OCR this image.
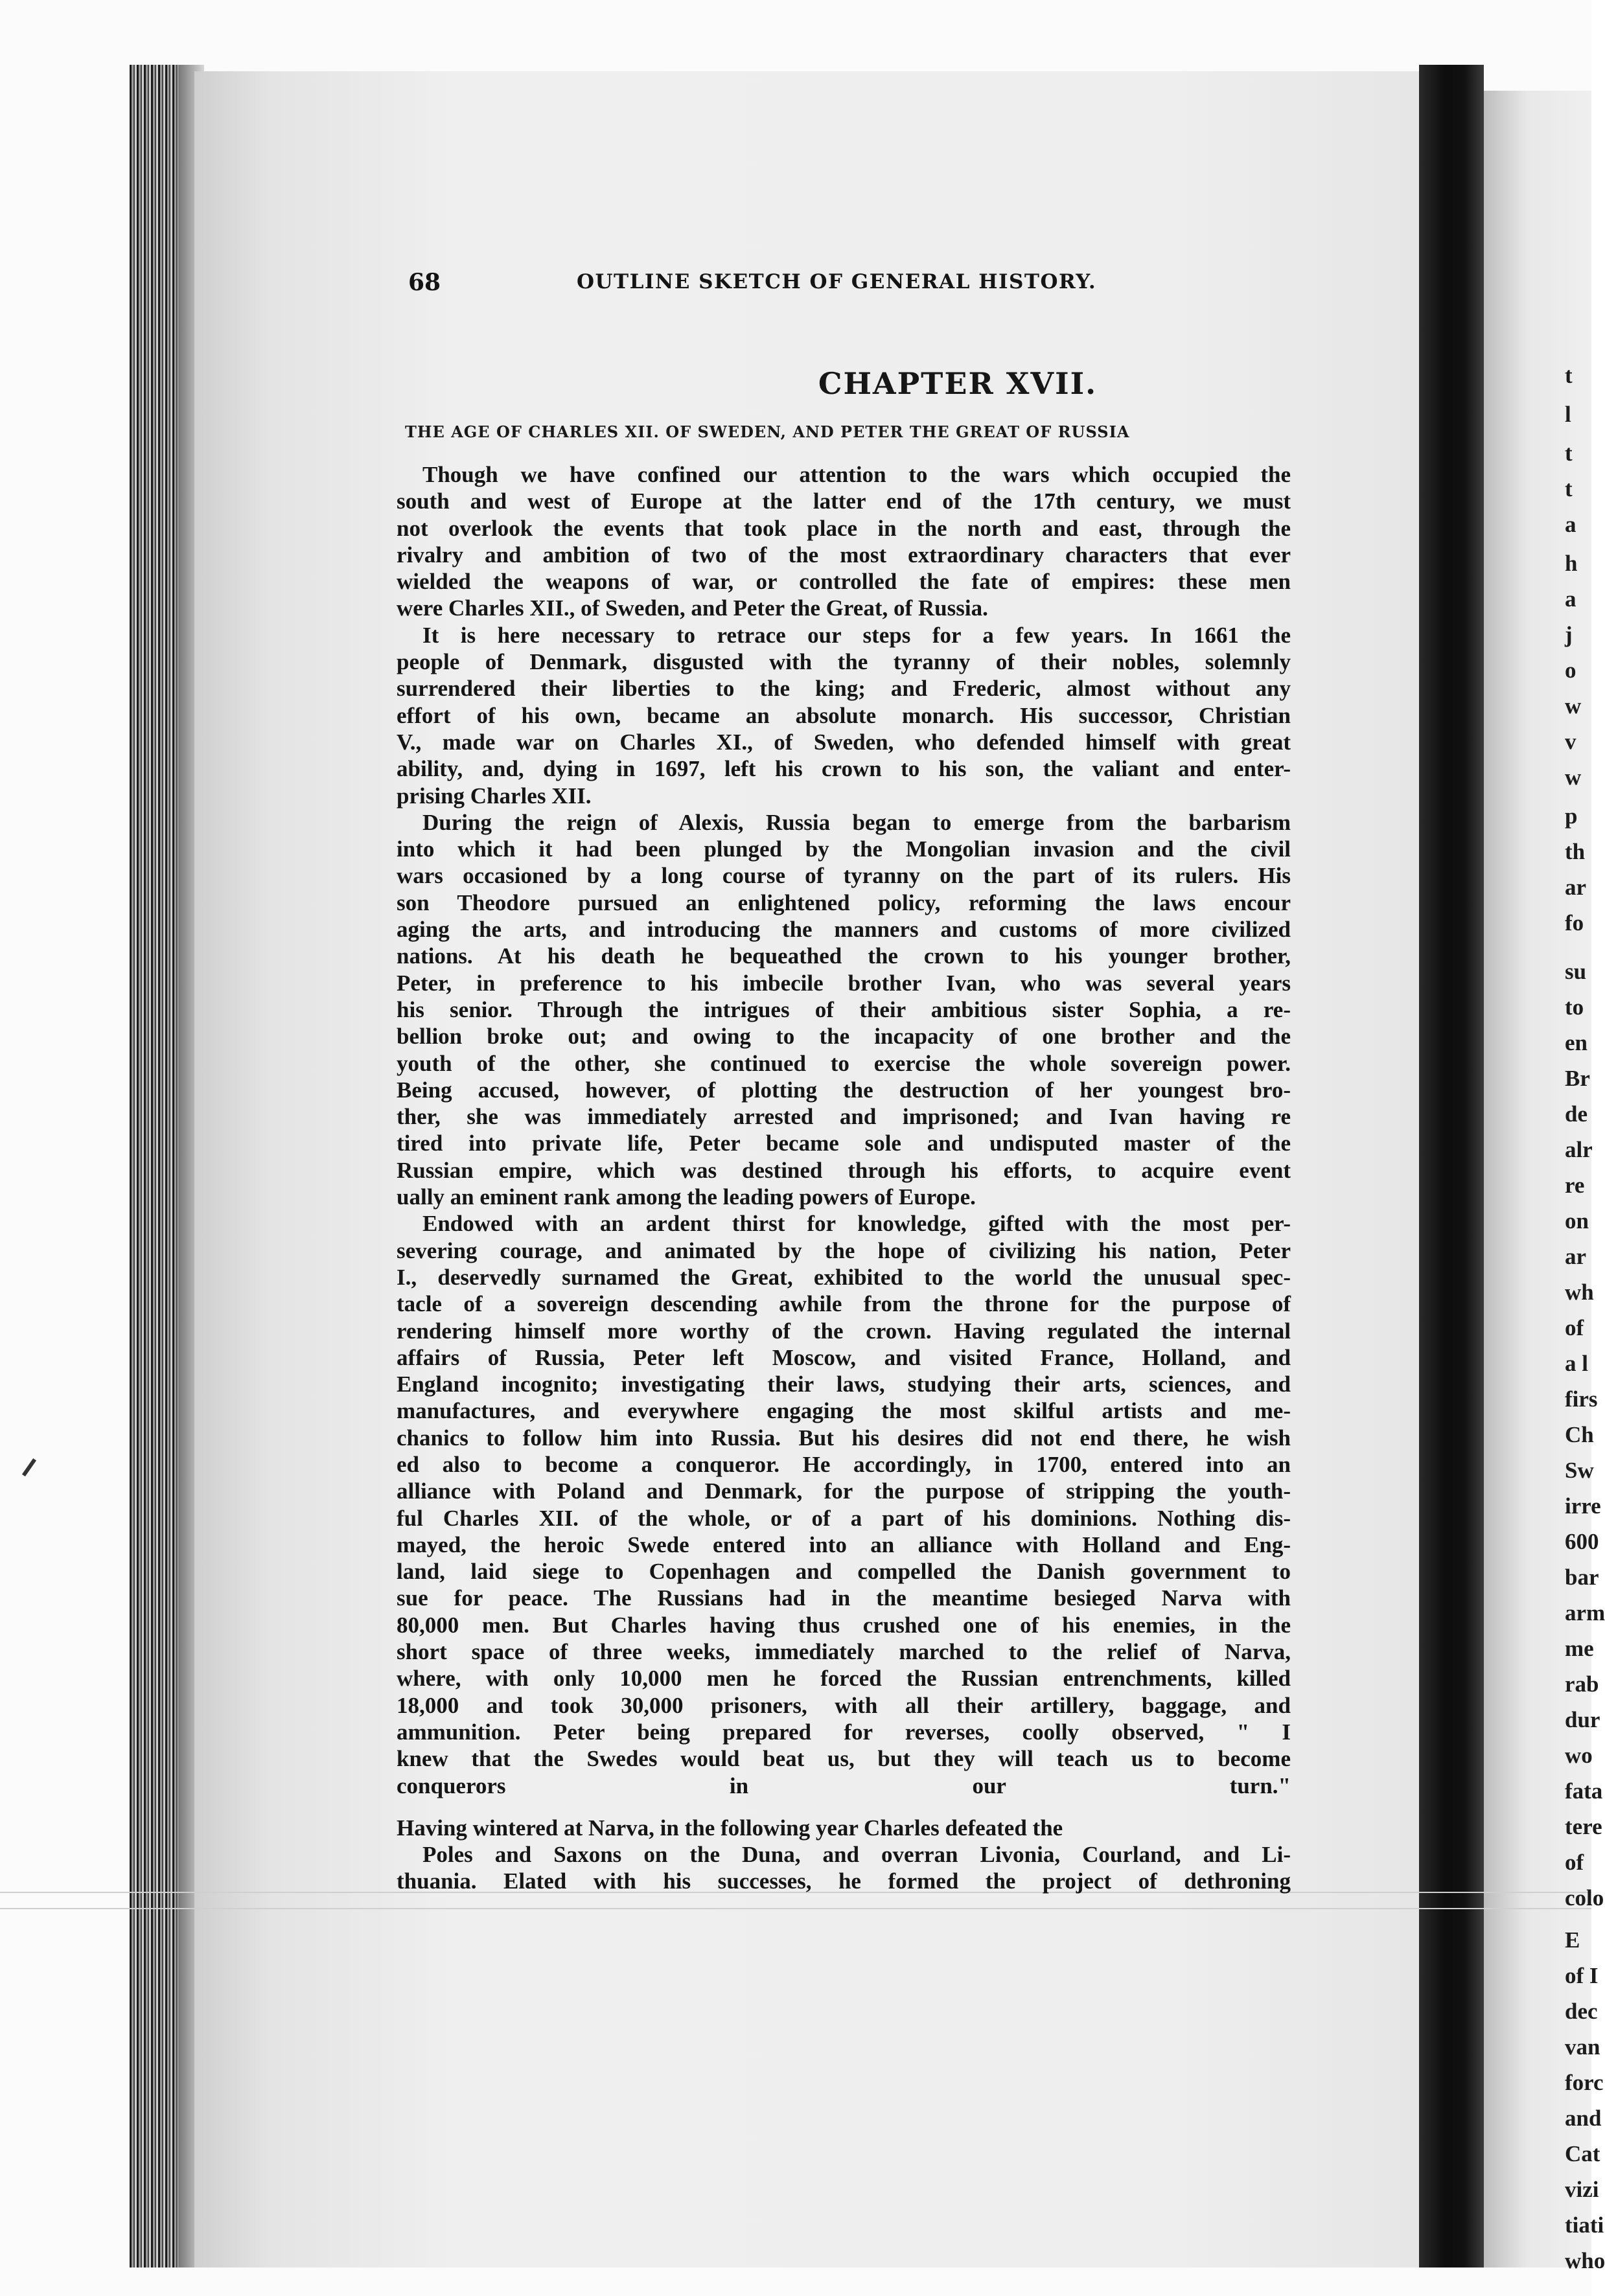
68	OUTLINE SKETCH OF GENERAL HISTORY.
CHAPTER XVII.
THE AGE OF CHARLES XII. OF SWEDEN, AND PETER THE GREAT OF RUSSIA
Though we have confined our attention to the wars which occupied the
south and west of Europe at the latter end of the 17th century, we must
not overlook the events that took place in the north and east, through the
rivalry and ambition of two of the most extraordinary characters that ever
wielded the weapons of war, or controlled the fate of empires: these men
were Charles XII., of Sweden, and Peter the Great, of Russia.
It is here necessary to retrace our steps for a few years. In 1661 the
people of Denmark, disgusted with the tyranny of their nobles, solemnly
surrendered their liberties to the king; and Frederic, almost without any
effort of his own, became an absolute monarch. His successor, Christian
V., made war on Charles XI., of Sweden, who defended himself with great
ability, and, dying in 1697, left his crown to his son, the valiant and enter-
prising Charles XII.
During the reign of Alexis, Russia began to emerge from the barbarism
into which it had been plunged by the Mongolian invasion and the civil
wars occasioned by a long course of tyranny on the part of its rulers. His
son Theodore pursued an enlightened policy, reforming the laws encour
aging the arts, and introducing the manners and customs of more civilized
nations. At his death he bequeathed the crown to his younger brother,
Peter, in preference to his imbecile brother Ivan, who was several years
his senior. Through the intrigues of their ambitious sister Sophia, a re-
bellion broke out; and owing to the incapacity of one brother and the
youth of the other, she continued to exercise the whole sovereign power.
Being accused, however, of plotting the destruction of her youngest bro-
ther, she was immediately arrested and imprisoned; and Ivan having re
tired into private life, Peter became sole and undisputed master of the
Russian empire, which was destined through his efforts, to acquire event
ually an eminent rank among the leading powers of Europe.
Endowed with an ardent thirst for knowledge, gifted with the most per-
severing courage, and animated by the hope of civilizing his nation, Peter
I., deservedly surnamed the Great, exhibited to the world the unusual spec-
tacle of a sovereign descending awhile from the throne for the purpose of
rendering himself more worthy of the crown. Having regulated the internal
affairs of Russia, Peter left Moscow, and visited France, Holland, and
England incognito; investigating their laws, studying their arts, sciences, and
manufactures, and everywhere engaging the most skilful artists and me-
chanics to follow him into Russia. But his desires did not end there, he wish
ed also to become a conqueror. He accordingly, in 1700, entered into an
alliance with Poland and Denmark, for the purpose of stripping the youth-
ful Charles XII. of the whole, or of a part of his dominions. Nothing dis-
mayed, the heroic Swede entered into an alliance with Holland and Eng-
land, laid siege to Copenhagen and compelled the Danish government to
sue for peace. The Russians had in the meantime besieged Narva with
80,000 men. But Charles having thus crushed one of his enemies, in the
short space of three weeks, immediately marched to the relief of Narva,
where, with only 10,000 men he forced the Russian entrenchments, killed
18,000 and took 30,000 prisoners, with all their artillery, baggage, and
ammunition. Peter being prepared for reverses, coolly observed, " I
knew that the Swedes would beat us, but they will teach us to become
conquerors in our turn."
Having wintered at Narva, in the following year Charles defeated the
Poles and Saxons on the Duna, and overran Livonia, Courland, and Li-
thuania. Elated with his successes, he formed the project of dethroning
t
l
t
t
a
h
a
j
o
w
v
w
p
th
ar
fo
su
to
en
Br
de
alr
re
on
ar
wh
of
a l
firs
Ch
Sw
irre
600
bar
arm
me
rab
dur
wo
fata
tere
of
colo
E
of I
dec
van
forc
and
Cat
vizi
tiati
who
